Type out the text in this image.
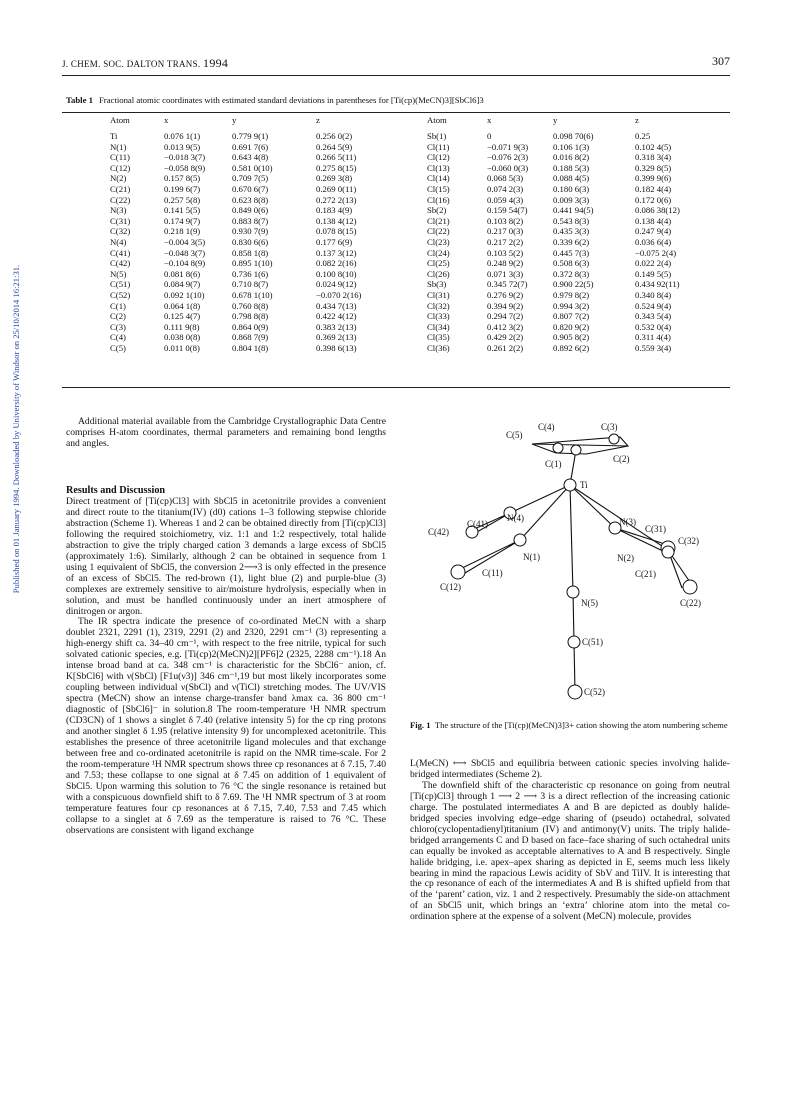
Published on 01 January 1994. Downloaded by University of Windsor on 25/10/2014 16:21:31.
J. CHEM. SOC. DALTON TRANS. 1994	307
Table 1 Fractional atomic coordinates with estimated standard deviations in parentheses for [Ti(cp)(MeCN)3][SbCl6]3
Atom	x	y	z
Ti	0.076 1(1)	0.779 9(1)	0.256 0(2)
N(1)	0.013 9(5)	0.691 7(6)	0.264 5(9)
C(11)	−0.018 3(7)	0.643 4(8)	0.266 5(11)
C(12)	−0.058 8(9)	0.581 0(10)	0.275 8(15)
N(2)	0.157 8(5)	0.709 7(5)	0.269 3(8)
C(21)	0.199 6(7)	0.670 6(7)	0.269 0(11)
C(22)	0.257 5(8)	0.623 8(8)	0.272 2(13)
N(3)	0.141 5(5)	0.849 0(6)	0.183 4(9)
C(31)	0.174 9(7)	0.883 8(7)	0.138 4(12)
C(32)	0.218 1(9)	0.930 7(9)	0.078 8(15)
N(4)	−0.004 3(5)	0.830 6(6)	0.177 6(9)
C(41)	−0.048 3(7)	0.858 1(8)	0.137 3(12)
C(42)	−0.104 8(9)	0.895 1(10)	0.082 2(16)
N(5)	0.081 8(6)	0.736 1(6)	0.100 8(10)
C(51)	0.084 9(7)	0.710 8(7)	0.024 9(12)
C(52)	0.092 1(10)	0.678 1(10)	−0.070 2(16)
C(1)	0.064 1(8)	0.760 8(8)	0.434 7(13)
C(2)	0.125 4(7)	0.798 8(8)	0.422 4(12)
C(3)	0.111 9(8)	0.864 0(9)	0.383 2(13)
C(4)	0.038 0(8)	0.868 7(9)	0.369 2(13)
C(5)	0.011 0(8)	0.804 1(8)	0.398 6(13)
Atom	x	y	z
Sb(1)	0	0.098 70(6)	0.25
Cl(11)	−0.071 9(3)	0.106 1(3)	0.102 4(5)
Cl(12)	−0.076 2(3)	0.016 8(2)	0.318 3(4)
Cl(13)	−0.060 0(3)	0.188 5(3)	0.329 8(5)
Cl(14)	0.068 5(3)	0.088 4(5)	0.399 9(6)
Cl(15)	0.074 2(3)	0.180 6(3)	0.182 4(4)
Cl(16)	0.059 4(3)	0.009 3(3)	0.172 0(6)
Sb(2)	0.159 54(7)	0.441 94(5)	0.086 38(12)
Cl(21)	0.103 8(2)	0.543 8(3)	0.138 4(4)
Cl(22)	0.217 0(3)	0.435 3(3)	0.247 9(4)
Cl(23)	0.217 2(2)	0.339 6(2)	0.036 6(4)
Cl(24)	0.103 5(2)	0.445 7(3)	−0.075 2(4)
Cl(25)	0.248 9(2)	0.508 6(3)	0.022 2(4)
Cl(26)	0.071 3(3)	0.372 8(3)	0.149 5(5)
Sb(3)	0.345 72(7)	0.900 22(5)	0.434 92(11)
Cl(31)	0.276 9(2)	0.979 8(2)	0.340 8(4)
Cl(32)	0.394 9(2)	0.994 3(2)	0.524 9(4)
Cl(33)	0.294 7(2)	0.807 7(2)	0.343 5(4)
Cl(34)	0.412 3(2)	0.820 9(2)	0.532 0(4)
Cl(35)	0.429 2(2)	0.905 8(2)	0.311 4(4)
Cl(36)	0.261 2(2)	0.892 6(2)	0.559 3(4)

Additional material available from the Cambridge Crystallographic Data Centre comprises H-atom coordinates, thermal parameters and remaining bond lengths and angles.

Results and Discussion

Direct treatment of [Ti(cp)Cl3] with SbCl5 in acetonitrile provides a convenient and direct route to the titanium(IV) (d0) cations 1–3 following stepwise chloride abstraction (Scheme 1). Whereas 1 and 2 can be obtained directly from [Ti(cp)Cl3] following the required stoichiometry, viz. 1:1 and 1:2 respectively, total halide abstraction to give the triply charged cation 3 demands a large excess of SbCl5 (approximately 1:6). Similarly, although 2 can be obtained in sequence from 1 using 1 equivalent of SbCl5, the conversion 2⟶3 is only effected in the presence of an excess of SbCl5. The red-brown (1), light blue (2) and purple-blue (3) complexes are extremely sensitive to air/moisture hydrolysis, especially when in solution, and must be handled continuously under an inert atmosphere of dinitrogen or argon.

The IR spectra indicate the presence of co-ordinated MeCN with a sharp doublet 2321, 2291 (1), 2319, 2291 (2) and 2320, 2291 cm⁻¹ (3) representing a high-energy shift ca. 34–40 cm⁻¹, with respect to the free nitrile, typical for such solvated cationic species, e.g. [Ti(cp)2(MeCN)2][PF6]2 (2325, 2288 cm⁻¹).18 An intense broad band at ca. 348 cm⁻¹ is characteristic for the SbCl6⁻ anion, cf. K[SbCl6] with ν(SbCl) [F1u(ν3)] 346 cm⁻¹,19 but most likely incorporates some coupling between individual ν(SbCl) and ν(TiCl) stretching modes. The UV/VIS spectra (MeCN) show an intense charge-transfer band λmax ca. 36 800 cm⁻¹ diagnostic of [SbCl6]⁻ in solution.8 The room-temperature ¹H NMR spectrum (CD3CN) of 1 shows a singlet δ 7.40 (relative intensity 5) for the cp ring protons and another singlet δ 1.95 (relative intensity 9) for uncomplexed acetonitrile. This establishes the presence of three acetonitrile ligand molecules and that exchange between free and co-ordinated acetonitrile is rapid on the NMR time-scale. For 2 the room-temperature ¹H NMR spectrum shows three cp resonances at δ 7.15, 7.40 and 7.53; these collapse to one signal at δ 7.45 on addition of 1 equivalent of SbCl5. Upon warming this solution to 76 °C the single resonance is retained but with a conspicuous downfield shift to δ 7.69. The ¹H NMR spectrum of 3 at room temperature features four cp resonances at δ 7.15, 7.40, 7.53 and 7.45 which collapse to a singlet at δ 7.69 as the temperature is raised to 76 °C. These observations are consistent with ligand exchange

C(5)
C(4)	C(3)
C(2)
C(1)
Ti
N(4)
C(41)
C(42)
N(1)
C(11)
C(12)
N(3)
C(31)
C(32)
N(2)
C(21)
C(22)
N(5)
C(51)
C(52)
Fig. 1 The structure of the [Ti(cp)(MeCN)3]3+ cation showing the atom numbering scheme

L(MeCN) ⟷ SbCl5 and equilibria between cationic species involving halide-bridged intermediates (Scheme 2).

The downfield shift of the characteristic cp resonance on going from neutral [Ti(cp)Cl3] through 1 ⟶ 2 ⟶ 3 is a direct reflection of the increasing cationic charge. The postulated intermediates A and B are depicted as doubly halide-bridged species involving edge–edge sharing of (pseudo) octahedral, solvated chloro(cyclopentadienyl)titanium (IV) and antimony(V) units. The triply halide-bridged arrangements C and D based on face–face sharing of such octahedral units can equally be invoked as acceptable alternatives to A and B respectively. Single halide bridging, i.e. apex–apex sharing as depicted in E, seems much less likely bearing in mind the rapacious Lewis acidity of SbV and TiIV. It is interesting that the cp resonance of each of the intermediates A and B is shifted upfield from that of the ‘parent’ cation, viz. 1 and 2 respectively. Presumably the side-on attachment of an SbCl5 unit, which brings an ‘extra’ chlorine atom into the metal co-ordination sphere at the expense of a solvent (MeCN) molecule, provides
